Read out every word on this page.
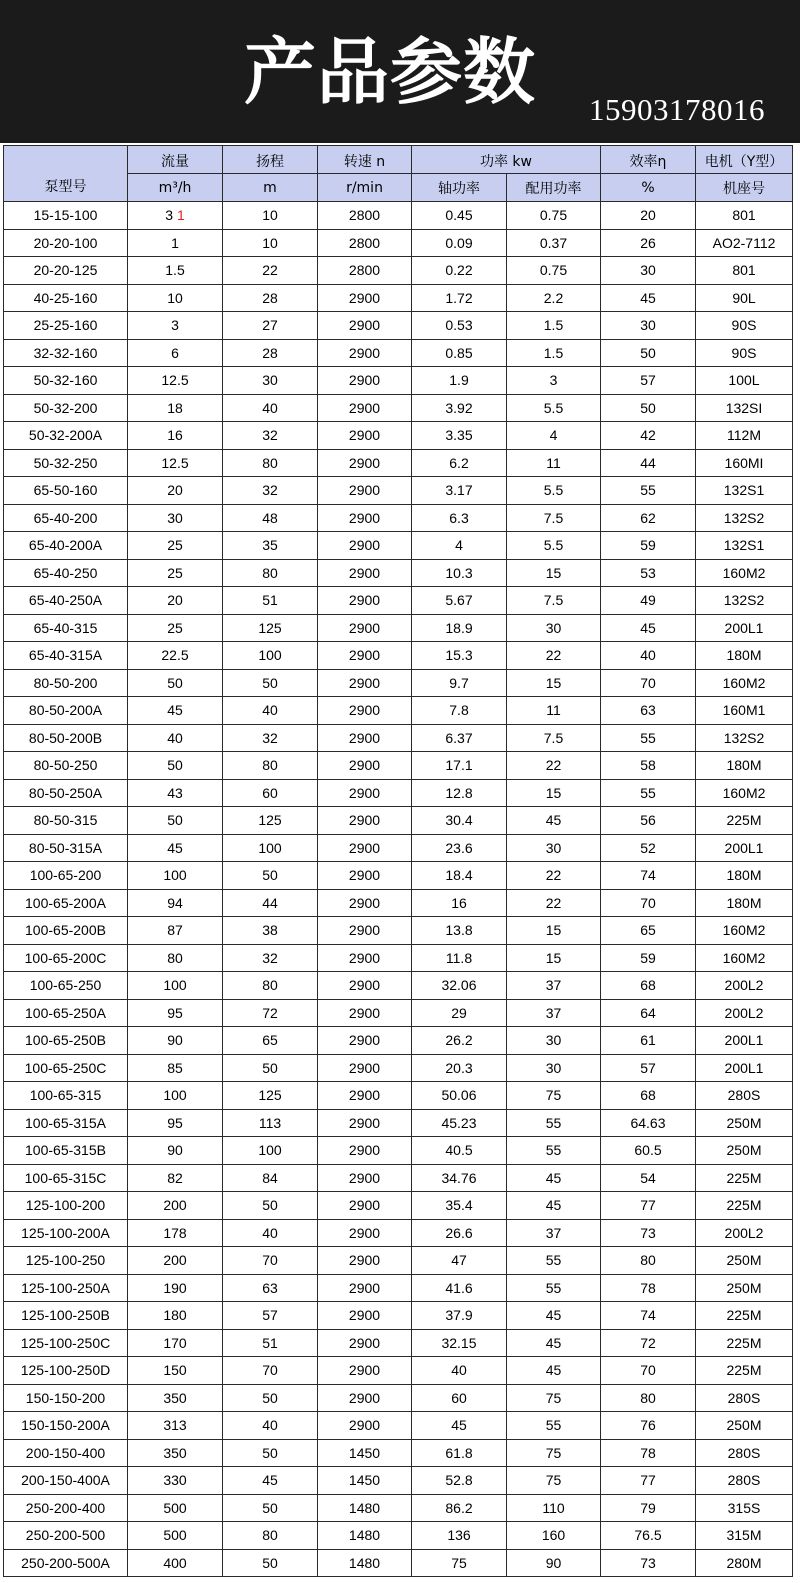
产品参数	15903178016
泵型号
流量	扬程	转速 n	功率 kw	效率η	电机（Y型）
m³/h	m	r/min	轴功率	配用功率	%	机座号
15-15-100	3 1	10	2800	0.45	0.75	20	801
20-20-100	1	10	2800	0.09	0.37	26	AO2-7112
20-20-125	1.5	22	2800	0.22	0.75	30	801
40-25-160	10	28	2900	1.72	2.2	45	90L
25-25-160	3	27	2900	0.53	1.5	30	90S
32-32-160	6	28	2900	0.85	1.5	50	90S
50-32-160	12.5	30	2900	1.9	3	57	100L
50-32-200	18	40	2900	3.92	5.5	50	132SI
50-32-200A	16	32	2900	3.35	4	42	112M
50-32-250	12.5	80	2900	6.2	11	44	160MI
65-50-160	20	32	2900	3.17	5.5	55	132S1
65-40-200	30	48	2900	6.3	7.5	62	132S2
65-40-200A	25	35	2900	4	5.5	59	132S1
65-40-250	25	80	2900	10.3	15	53	160M2
65-40-250A	20	51	2900	5.67	7.5	49	132S2
65-40-315	25	125	2900	18.9	30	45	200L1
65-40-315A	22.5	100	2900	15.3	22	40	180M
80-50-200	50	50	2900	9.7	15	70	160M2
80-50-200A	45	40	2900	7.8	11	63	160M1
80-50-200B	40	32	2900	6.37	7.5	55	132S2
80-50-250	50	80	2900	17.1	22	58	180M
80-50-250A	43	60	2900	12.8	15	55	160M2
80-50-315	50	125	2900	30.4	45	56	225M
80-50-315A	45	100	2900	23.6	30	52	200L1
100-65-200	100	50	2900	18.4	22	74	180M
100-65-200A	94	44	2900	16	22	70	180M
100-65-200B	87	38	2900	13.8	15	65	160M2
100-65-200C	80	32	2900	11.8	15	59	160M2
100-65-250	100	80	2900	32.06	37	68	200L2
100-65-250A	95	72	2900	29	37	64	200L2
100-65-250B	90	65	2900	26.2	30	61	200L1
100-65-250C	85	50	2900	20.3	30	57	200L1
100-65-315	100	125	2900	50.06	75	68	280S
100-65-315A	95	113	2900	45.23	55	64.63	250M
100-65-315B	90	100	2900	40.5	55	60.5	250M
100-65-315C	82	84	2900	34.76	45	54	225M
125-100-200	200	50	2900	35.4	45	77	225M
125-100-200A	178	40	2900	26.6	37	73	200L2
125-100-250	200	70	2900	47	55	80	250M
125-100-250A	190	63	2900	41.6	55	78	250M
125-100-250B	180	57	2900	37.9	45	74	225M
125-100-250C	170	51	2900	32.15	45	72	225M
125-100-250D	150	70	2900	40	45	70	225M
150-150-200	350	50	2900	60	75	80	280S
150-150-200A	313	40	2900	45	55	76	250M
200-150-400	350	50	1450	61.8	75	78	280S
200-150-400A	330	45	1450	52.8	75	77	280S
250-200-400	500	50	1480	86.2	110	79	315S
250-200-500	500	80	1480	136	160	76.5	315M
250-200-500A	400	50	1480	75	90	73	280M
